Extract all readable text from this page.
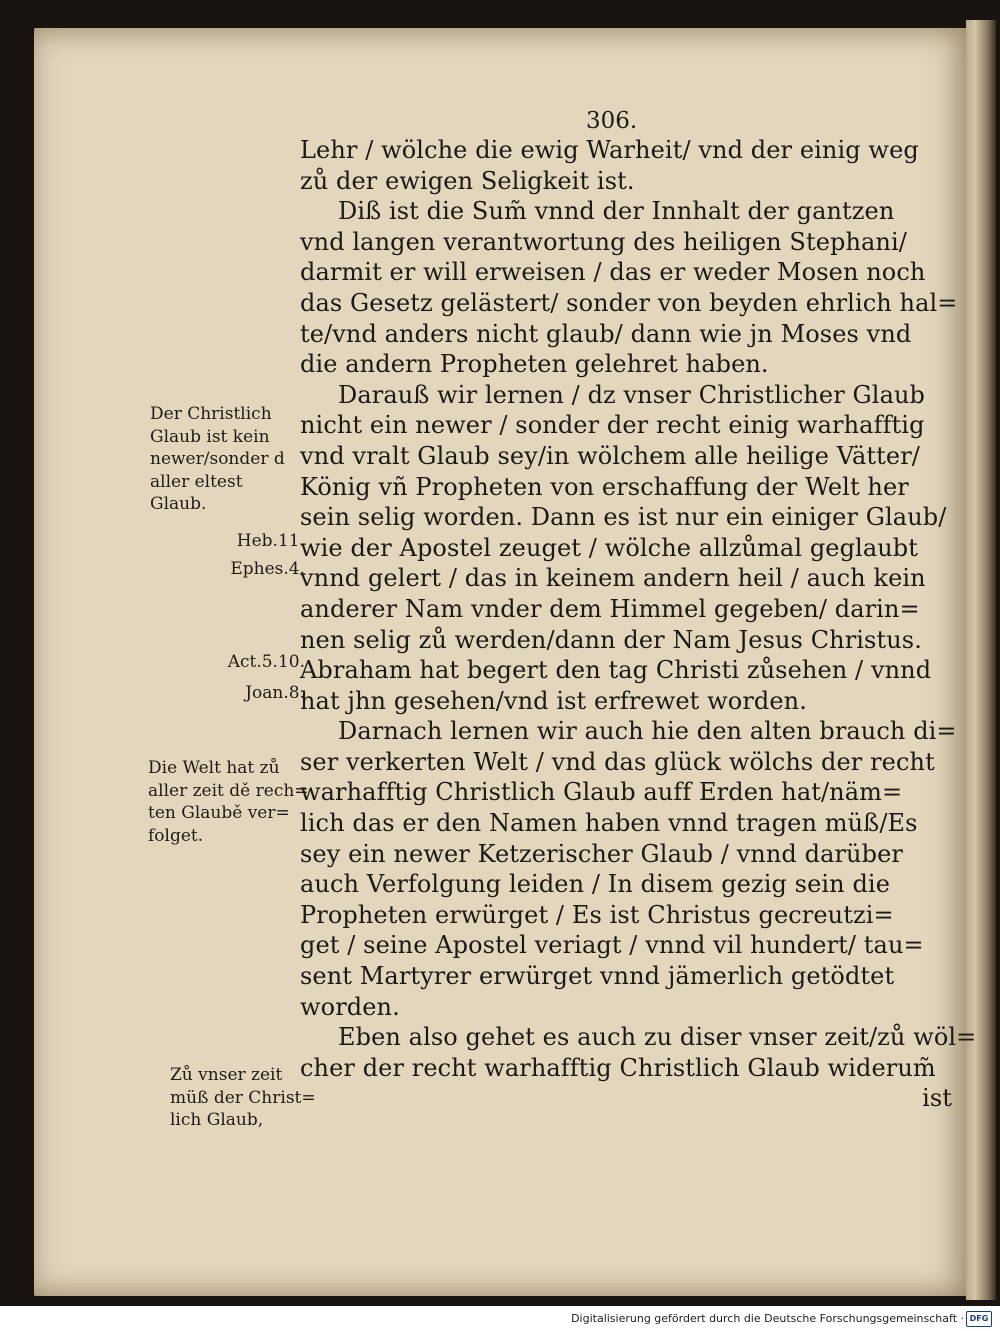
306.
Lehr / wölche die ewig Warheit/ vnd der einig weg
zů der ewigen Seligkeit ist.
Diß ist die Sum̃ vnnd der Innhalt der gantzen
vnd langen verantwortung des heiligen Stephani/
darmit er will erweisen / das er weder Mosen noch
das Gesetz gelästert/ sonder von beyden ehrlich hal=
te/vnd anders nicht glaub/ dann wie jn Moses vnd
die andern Propheten gelehret haben.
Darauß wir lernen / dz vnser Christlicher Glaub
nicht ein newer / sonder der recht einig warhafftig
vnd vralt Glaub sey/in wölchem alle heilige Vätter/
König vñ Propheten von erschaffung der Welt her
sein selig worden. Dann es ist nur ein einiger Glaub/
wie der Apostel zeuget / wölche allzůmal geglaubt
vnnd gelert / das in keinem andern heil / auch kein
anderer Nam vnder dem Himmel gegeben/ darin=
nen selig zů werden/dann der Nam Jesus Christus.
Abraham hat begert den tag Christi zůsehen / vnnd
hat jhn gesehen/vnd ist erfrewet worden.
Darnach lernen wir auch hie den alten brauch di=
ser verkerten Welt / vnd das glück wölchs der recht
warhafftig Christlich Glaub auff Erden hat/näm=
lich das er den Namen haben vnnd tragen müß/Es
sey ein newer Ketzerischer Glaub / vnnd darüber
auch Verfolgung leiden / In disem gezig sein die
Propheten erwürget / Es ist Christus gecreutzi=
get / seine Apostel veriagt / vnnd vil hundert/ tau=
sent Martyrer erwürget vnnd jämerlich getödtet
worden.
Eben also gehet es auch zu diser vnser zeit/zů wöl=
cher der recht warhafftig Christlich Glaub widerum̃
ist
Der Christlich
Glaub ist kein
newer/sonder d
aller eltest
Glaub.
Heb.11.
Ephes.4.
Act.5.10.
Joan.8.
Die Welt hat zů
aller zeit dě rech=
ten Glaubě ver=
folget.
Zů vnser zeit
müß der Christ=
lich Glaub,
Digitalisierung gefördert durch die Deutsche Forschungsgemeinschaft · DFG
